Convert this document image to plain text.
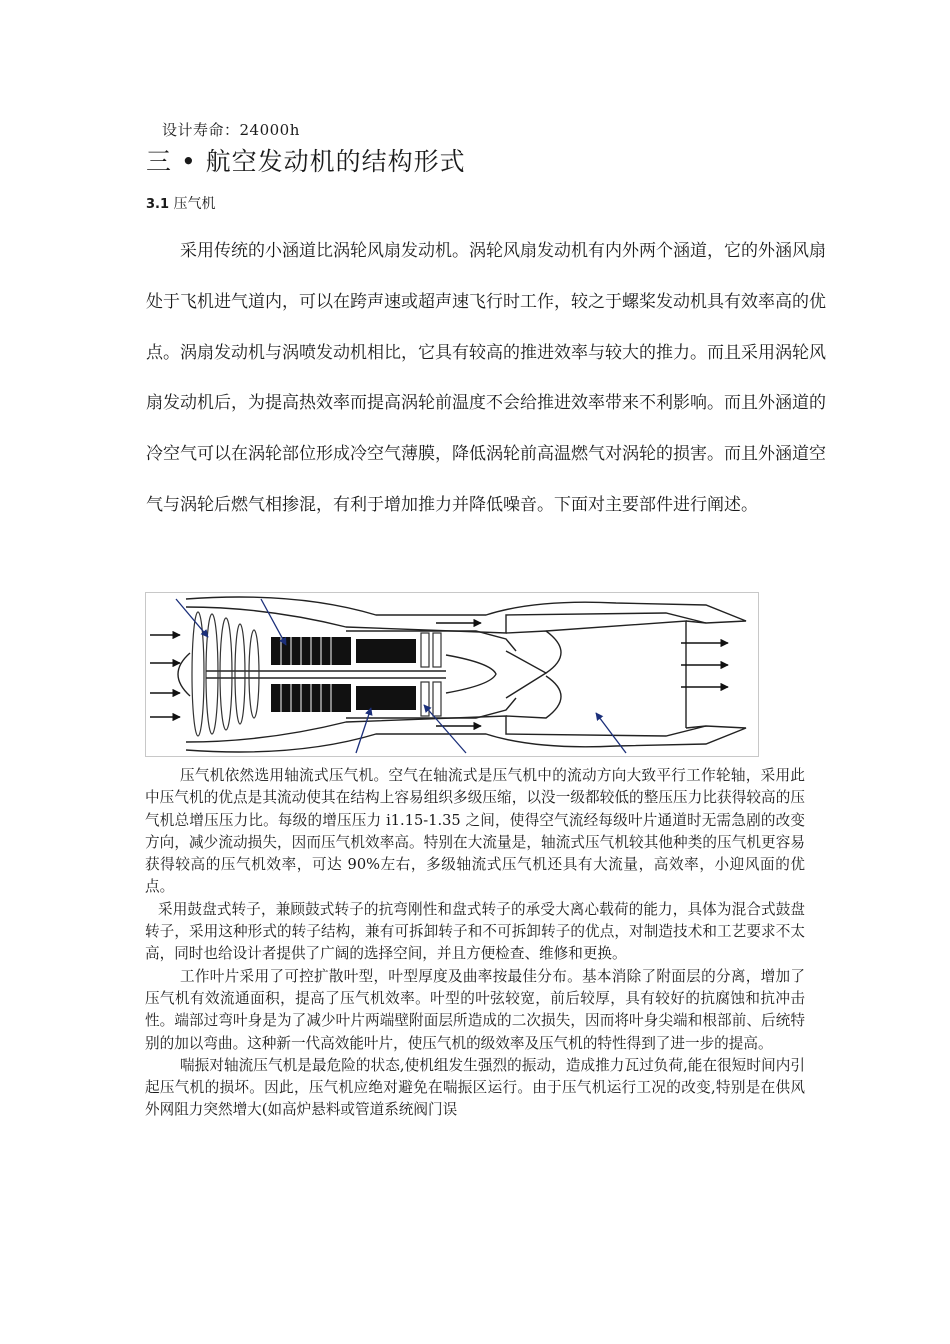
设计寿命：24000h
三 • 航空发动机的结构形式
3.1 压气机

采用传统的小涵道比涡轮风扇发动机。涡轮风扇发动机有内外两个涵道，它的外涵风扇处于飞机进气道内，可以在跨声速或超声速飞行时工作，较之于螺桨发动机具有效率高的优点。涡扇发动机与涡喷发动机相比，它具有较高的推进效率与较大的推力。而且采用涡轮风扇发动机后，为提高热效率而提高涡轮前温度不会给推进效率带来不利影响。而且外涵道的冷空气可以在涡轮部位形成冷空气薄膜，降低涡轮前高温燃气对涡轮的损害。而且外涵道空气与涡轮后燃气相掺混，有利于增加推力并降低噪音。下面对主要部件进行阐述。

压气机依然选用轴流式压气机。空气在轴流式是压气机中的流动方向大致平行工作轮轴，采用此中压气机的优点是其流动使其在结构上容易组织多级压缩，以没一级都较低的整压压力比获得较高的压气机总增压压力比。每级的增压压力 i1.15-1.35 之间，使得空气流经每级叶片通道时无需急剧的改变方向，减少流动损失，因而压气机效率高。特别在大流量是，轴流式压气机较其他种类的压气机更容易获得较高的压气机效率，可达 90%左右，多级轴流式压气机还具有大流量，高效率，小迎风面的优点。

采用鼓盘式转子，兼顾鼓式转子的抗弯刚性和盘式转子的承受大离心载荷的能力，具体为混合式鼓盘转子，采用这种形式的转子结构，兼有可拆卸转子和不可拆卸转子的优点，对制造技术和工艺要求不太高，同时也给设计者提供了广阔的选择空间，并且方便检查、维修和更换。

工作叶片采用了可控扩散叶型，叶型厚度及曲率按最佳分布。基本消除了附面层的分离，增加了压气机有效流通面积，提高了压气机效率。叶型的叶弦较宽，前后较厚，具有较好的抗腐蚀和抗冲击性。端部过弯叶身是为了减少叶片两端壁附面层所造成的二次损失，因而将叶身尖端和根部前、后统特别的加以弯曲。这种新一代高效能叶片，使压气机的级效率及压气机的特性得到了进一步的提高。

喘振对轴流压气机是最危险的状态,使机组发生强烈的振动，造成推力瓦过负荷,能在很短时间内引起压气机的损坏。因此，压气机应绝对避免在喘振区运行。由于压气机运行工况的改变,特别是在供风外网阻力突然增大(如高炉悬料或管道系统阀门误
